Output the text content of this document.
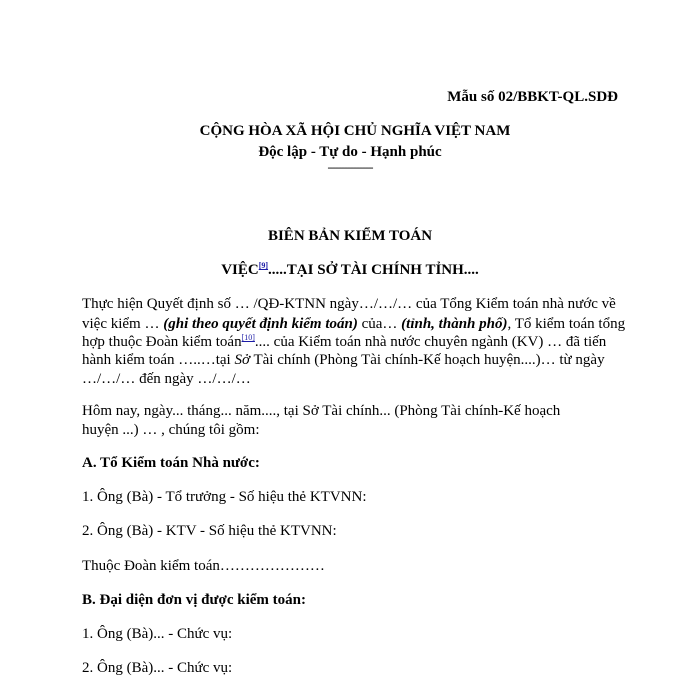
Mẫu số 02/BBKT-QL.SDĐ
CỘNG HÒA XÃ HỘI CHỦ NGHĨA VIỆT NAM
Độc lập - Tự do - Hạnh phúc
---------------
BIÊN BẢN KIỂM TOÁN
VIỆC[9].....TẠI SỞ TÀI CHÍNH TỈNH....
Thực hiện Quyết định số … /QĐ-KTNN ngày…/…/… của Tổng Kiểm toán nhà nước về
việc kiểm … (ghi theo quyết định kiểm toán) của… (tỉnh, thành phố), Tổ kiểm toán tổng
hợp thuộc Đoàn kiểm toán[10].... của Kiểm toán nhà nước chuyên ngành (KV) … đã tiến
hành kiểm toán …..…tại Sở Tài chính (Phòng Tài chính-Kế hoạch huyện....)… từ ngày
…/…/… đến ngày …/…/…
Hôm nay, ngày... tháng... năm...., tại Sở Tài chính... (Phòng Tài chính-Kế hoạch
huyện ...) … , chúng tôi gồm:
A. Tổ Kiểm toán Nhà nước:
1. Ông (Bà) - Tổ trưởng - Số hiệu thẻ KTVNN:
2. Ông (Bà) - KTV - Số hiệu thẻ KTVNN:
Thuộc Đoàn kiểm toán…………………
B. Đại diện đơn vị được kiểm toán:
1. Ông (Bà)... - Chức vụ:
2. Ông (Bà)... - Chức vụ:
